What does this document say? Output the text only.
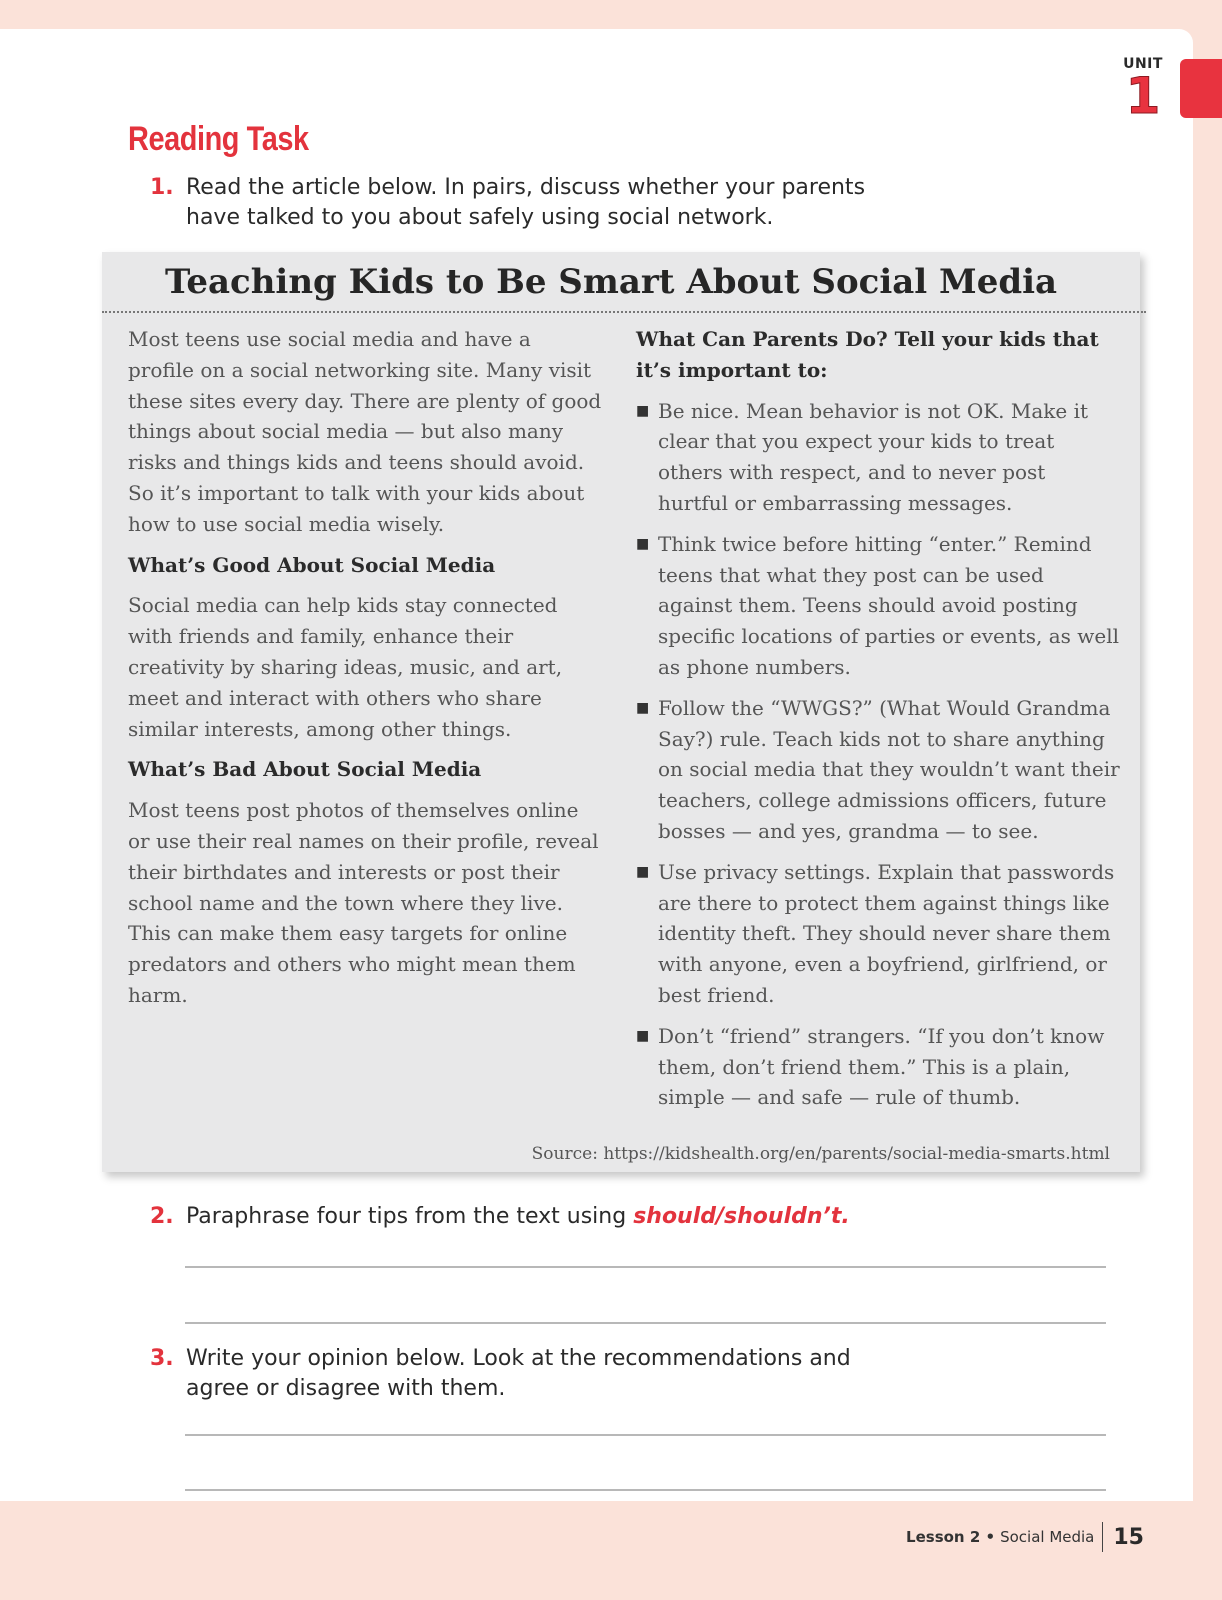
UNIT
1
Reading Task
1. Read the article below. In pairs, discuss whether your parents have talked to you about safely using social network.
Teaching Kids to Be Smart About Social Media

Most teens use social media and have a profile on a social networking site. Many visit these sites every day. There are plenty of good things about social media — but also many risks and things kids and teens should avoid. So it’s important to talk with your kids about how to use social media wisely.

What’s Good About Social Media

Social media can help kids stay connected with friends and family, enhance their creativity by sharing ideas, music, and art, meet and interact with others who share similar interests, among other things.

What’s Bad About Social Media

Most teens post photos of themselves online or use their real names on their profile, reveal their birthdates and interests or post their school name and the town where they live. This can make them easy targets for online predators and others who might mean them harm.

What Can Parents Do? Tell your kids that it’s important to:

■ Be nice. Mean behavior is not OK. Make it clear that you expect your kids to treat others with respect, and to never post hurtful or embarrassing messages.

■ Think twice before hitting “enter.” Remind teens that what they post can be used against them. Teens should avoid posting specific locations of parties or events, as well as phone numbers.

■ Follow the “WWGS?” (What Would Grandma Say?) rule. Teach kids not to share anything on social media that they wouldn’t want their teachers, college admissions officers, future bosses — and yes, grandma — to see.

■ Use privacy settings. Explain that passwords are there to protect them against things like identity theft. They should never share them with anyone, even a boyfriend, girlfriend, or best friend.

■ Don’t “friend” strangers. “If you don’t know them, don’t friend them.” This is a plain, simple — and safe — rule of thumb.

Source: https://kidshealth.org/en/parents/social-media-smarts.html
2. Paraphrase four tips from the text using should/shouldn’t.
3. Write your opinion below. Look at the recommendations and agree or disagree with them.
Lesson 2 • Social Media 15
